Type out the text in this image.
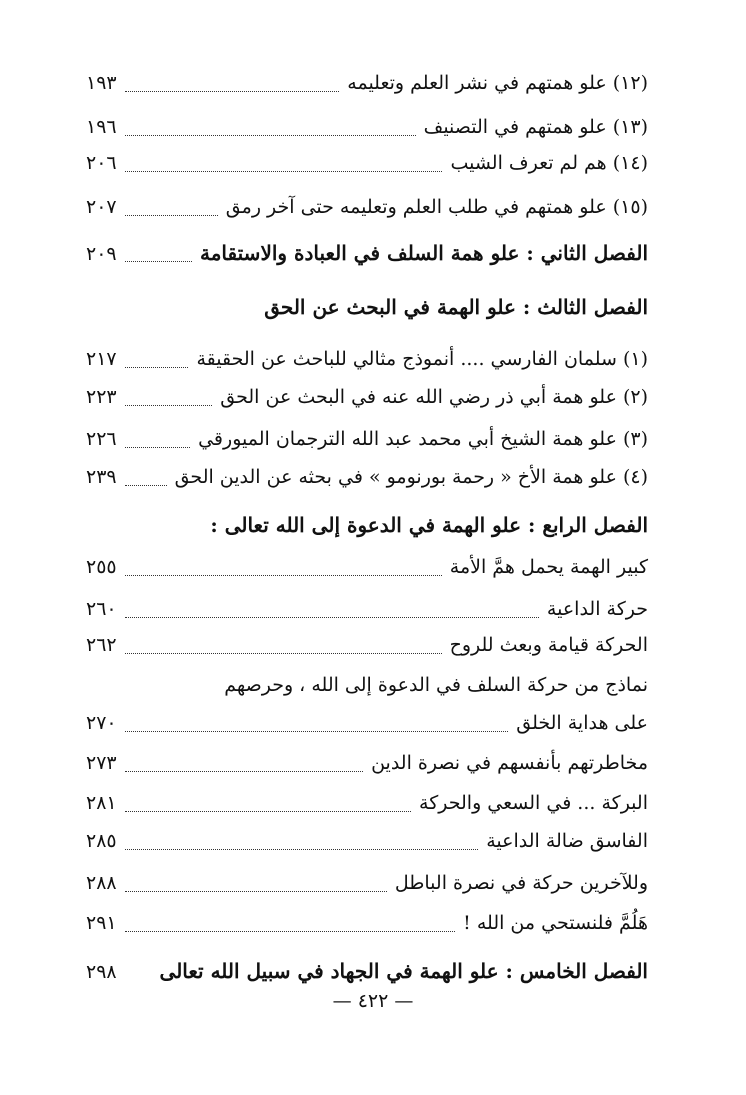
(١٢) علو همتهم في نشر العلم وتعليمه
١٩٣
(١٣) علو همتهم في التصنيف
١٩٦
(١٤) هم لم تعرف الشيب
٢٠٦
(١٥) علو همتهم في طلب العلم وتعليمه حتى آخر رمق
٢٠٧
الفصل الثاني : علو همة السلف في العبادة والاستقامة
٢٠٩
الفصل الثالث : علو الهمة في البحث عن الحق
(١) سلمان الفارسي .... أنموذج مثالي للباحث عن الحقيقة
٢١٧
(٢) علو همة أبي ذر رضي الله عنه في البحث عن الحق
٢٢٣
(٣) علو همة الشيخ أبي محمد عبد الله الترجمان الميورقي
٢٢٦
(٤) علو همة الأخ « رحمة بورنومو » في بحثه عن الدين الحق
٢٣٩
الفصل الرابع : علو الهمة في الدعوة إلى الله تعالى :
كبير الهمة يحمل همَّ الأمة
٢٥٥
حركة الداعية
٢٦٠
الحركة قيامة وبعث للروح
٢٦٢
نماذج من حركة السلف في الدعوة إلى الله ، وحرصهم
على هداية الخلق
٢٧٠
مخاطرتهم بأنفسهم في نصرة الدين
٢٧٣
البركة ... في السعي والحركة
٢٨١
الفاسق ضالة الداعية
٢٨٥
وللآخرين حركة في نصرة الباطل
٢٨٨
هَلُمَّ فلنستحي من الله !
٢٩١
الفصل الخامس : علو الهمة في الجهاد في سبيل الله تعالى
٢٩٨
— ٤٢٢ —
